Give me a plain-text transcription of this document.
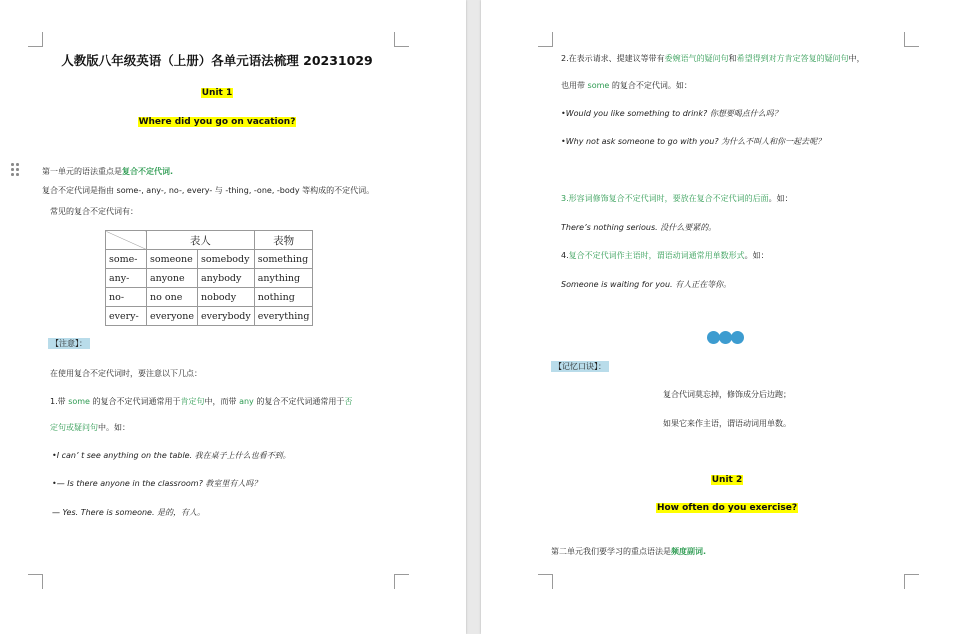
人教版八年级英语（上册）各单元语法梳理 20231029
Unit 1
Where did you go on vacation?
第一单元的语法重点是复合不定代词.
复合不定代词是指由 some-, any-, no-, every- 与 -thing, -one, -body 等构成的不定代词。
常见的复合不定代词有：
	表人		表物
some-	someone	somebody	something
any-	anyone	anybody	anything
no-	no one	nobody	nothing
every-	everyone	everybody	everything
【注意】：
在使用复合不定代词时，要注意以下几点：
1.带 some 的复合不定代词通常用于肯定句中，而带 any 的复合不定代词通常用于否
定句或疑问句中。如：
•I can’ t see anything on the table. 我在桌子上什么也看不到。
•— Is there anyone in the classroom? 教室里有人吗？
— Yes. There is someone. 是的，有人。
2.在表示请求、提建议等带有委婉语气的疑问句和希望得到对方肯定答复的疑问句中，
也用带 some 的复合不定代词。如：
•Would you like something to drink? 你想要喝点什么吗？
•Why not ask someone to go with you? 为什么不叫人和你一起去呢？
3.形容词修饰复合不定代词时，要放在复合不定代词的后面。如：
There’s nothing serious. 没什么要紧的。
4.复合不定代词作主语时，谓语动词通常用单数形式。如：
Someone is waiting for you. 有人正在等你。
【记忆口诀】：
复合代词莫忘掉，修饰成分后边跑；
如果它来作主语，谓语动词用单数。
Unit 2
How often do you exercise?
第二单元我们要学习的重点语法是频度副词.
